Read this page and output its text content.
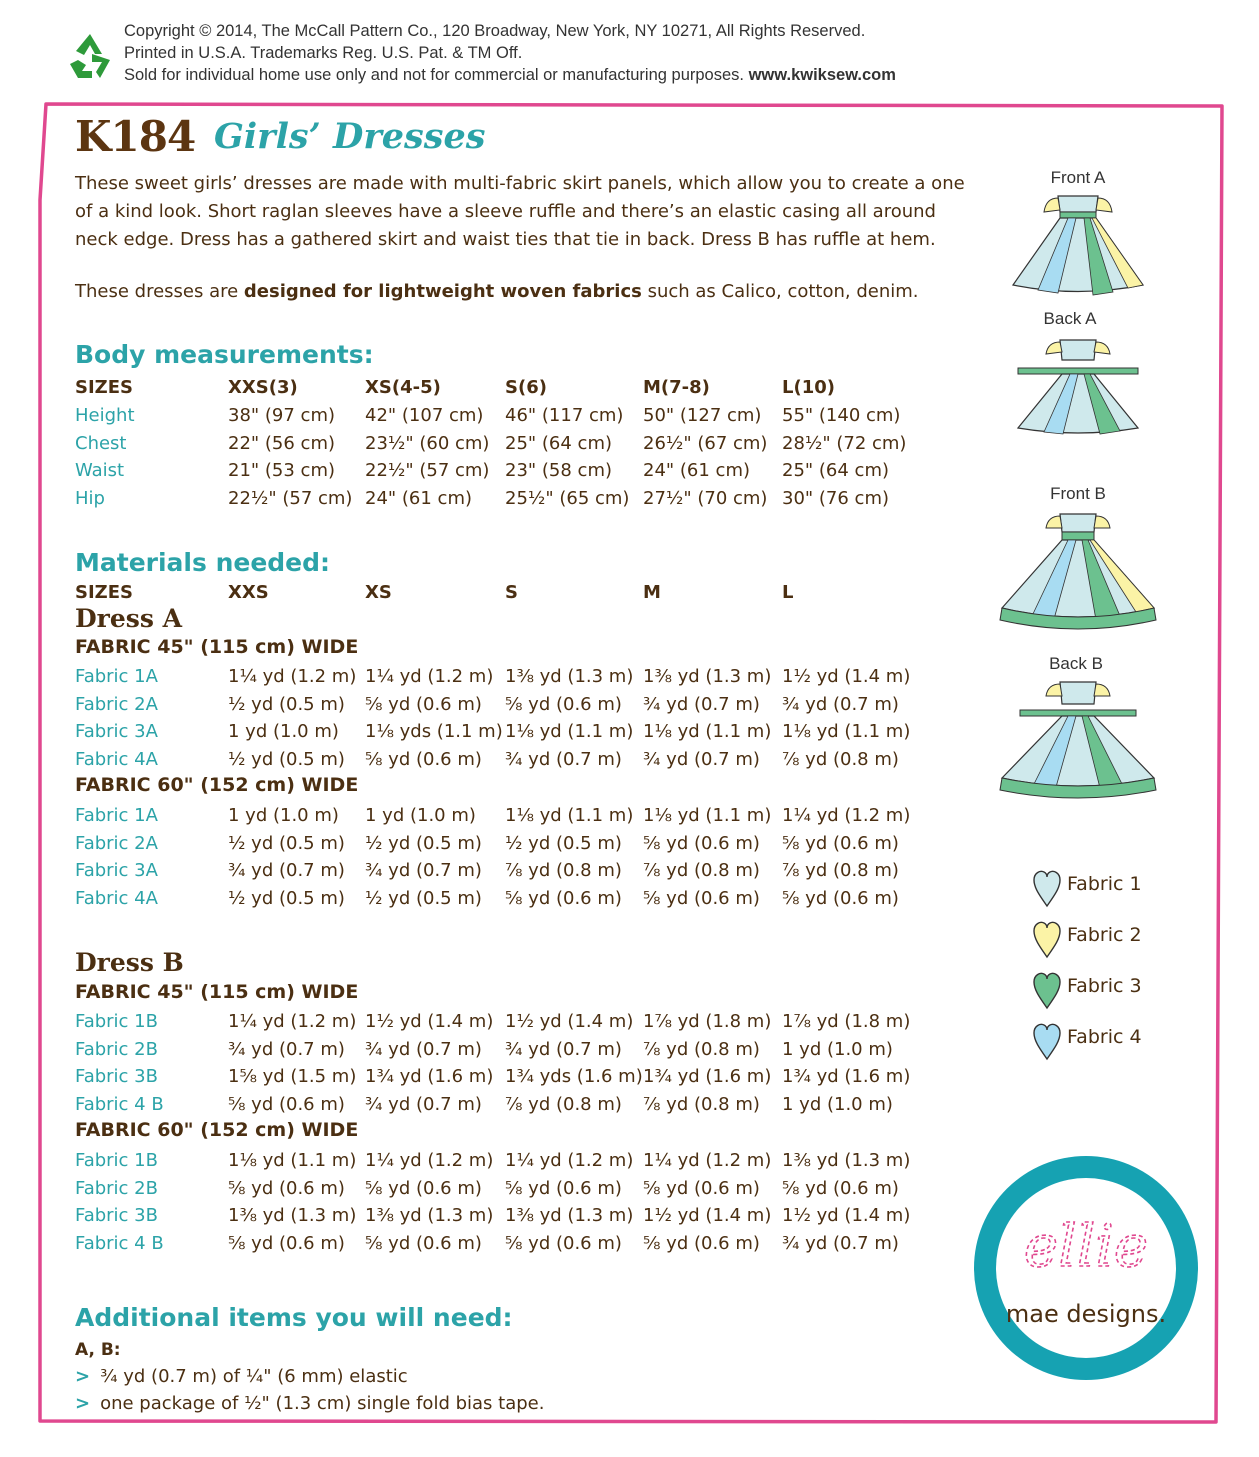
Copyright © 2014, The McCall Pattern Co., 120 Broadway, New York, NY 10271, All Rights Reserved.
Printed in U.S.A. Trademarks Reg. U.S. Pat. & TM Off.
Sold for individual home use only and not for commercial or manufacturing purposes. www.kwiksew.com
K184 Girls’ Dresses
These sweet girls’ dresses are made with multi-fabric skirt panels, which allow you to create a one of a kind look. Short raglan sleeves have a sleeve ruffle and there’s an elastic casing all around neck edge. Dress has a gathered skirt and waist ties that tie in back. Dress B has ruffle at hem.
These dresses are designed for lightweight woven fabrics such as Calico, cotton, denim.
Body measurements:
SIZES	XXS(3)	XS(4-5)	S(6)	M(7-8)	L(10)
Height	38" (97 cm) 42" (107 cm) 46" (117 cm) 50" (127 cm) 55" (140 cm)
Chest	22" (56 cm) 23½" (60 cm) 25" (64 cm) 26½" (67 cm) 28½" (72 cm)
Waist	21" (53 cm) 22½" (57 cm) 23" (58 cm) 24" (61 cm) 25" (64 cm)
Hip	22½" (57 cm) 24" (61 cm) 25½" (65 cm) 27½" (70 cm) 30" (76 cm)
Materials needed:
SIZES	XXS	XS	S	M	L
Dress A
FABRIC 45" (115 cm) WIDE
Fabric 1A	1¼ yd (1.2 m) 1¼ yd (1.2 m) 1⅜ yd (1.3 m) 1⅜ yd (1.3 m) 1½ yd (1.4 m)
Fabric 2A	½ yd (0.5 m) ⅝ yd (0.6 m) ⅝ yd (0.6 m) ¾ yd (0.7 m) ¾ yd (0.7 m)
Fabric 3A	1 yd (1.0 m) 1⅛ yds (1.1 m) 1⅛ yd (1.1 m) 1⅛ yd (1.1 m) 1⅛ yd (1.1 m)
Fabric 4A	½ yd (0.5 m) ⅝ yd (0.6 m) ¾ yd (0.7 m) ¾ yd (0.7 m) ⅞ yd (0.8 m)
FABRIC 60" (152 cm) WIDE
Fabric 1A	1 yd (1.0 m) 1 yd (1.0 m) 1⅛ yd (1.1 m) 1⅛ yd (1.1 m) 1¼ yd (1.2 m)
Fabric 2A	½ yd (0.5 m) ½ yd (0.5 m) ½ yd (0.5 m) ⅝ yd (0.6 m) ⅝ yd (0.6 m)
Fabric 3A	¾ yd (0.7 m) ¾ yd (0.7 m) ⅞ yd (0.8 m) ⅞ yd (0.8 m) ⅞ yd (0.8 m)
Fabric 4A	½ yd (0.5 m) ½ yd (0.5 m) ⅝ yd (0.6 m) ⅝ yd (0.6 m) ⅝ yd (0.6 m)
Dress B
FABRIC 45" (115 cm) WIDE
Fabric 1B	1¼ yd (1.2 m) 1½ yd (1.4 m) 1½ yd (1.4 m) 1⅞ yd (1.8 m) 1⅞ yd (1.8 m)
Fabric 2B	¾ yd (0.7 m) ¾ yd (0.7 m) ¾ yd (0.7 m) ⅞ yd (0.8 m) 1 yd (1.0 m)
Fabric 3B	1⅝ yd (1.5 m) 1¾ yd (1.6 m) 1¾ yds (1.6 m) 1¾ yd (1.6 m) 1¾ yd (1.6 m)
Fabric 4 B	⅝ yd (0.6 m) ¾ yd (0.7 m) ⅞ yd (0.8 m) ⅞ yd (0.8 m) 1 yd (1.0 m)
FABRIC 60" (152 cm) WIDE
Fabric 1B	1⅛ yd (1.1 m) 1¼ yd (1.2 m) 1¼ yd (1.2 m) 1¼ yd (1.2 m) 1⅜ yd (1.3 m)
Fabric 2B	⅝ yd (0.6 m) ⅝ yd (0.6 m) ⅝ yd (0.6 m) ⅝ yd (0.6 m) ⅝ yd (0.6 m)
Fabric 3B	1⅜ yd (1.3 m) 1⅜ yd (1.3 m) 1⅜ yd (1.3 m) 1½ yd (1.4 m) 1½ yd (1.4 m)
Fabric 4 B	⅝ yd (0.6 m) ⅝ yd (0.6 m) ⅝ yd (0.6 m) ⅝ yd (0.6 m) ¾ yd (0.7 m)
Additional items you will need:
A, B:
> ¾ yd (0.7 m) of ¼" (6 mm) elastic
> one package of ½" (1.3 cm) single fold bias tape.
Front A
Back A
Front B
Back B
Fabric 1
Fabric 2
Fabric 3
Fabric 4
ellie
mae designs.
